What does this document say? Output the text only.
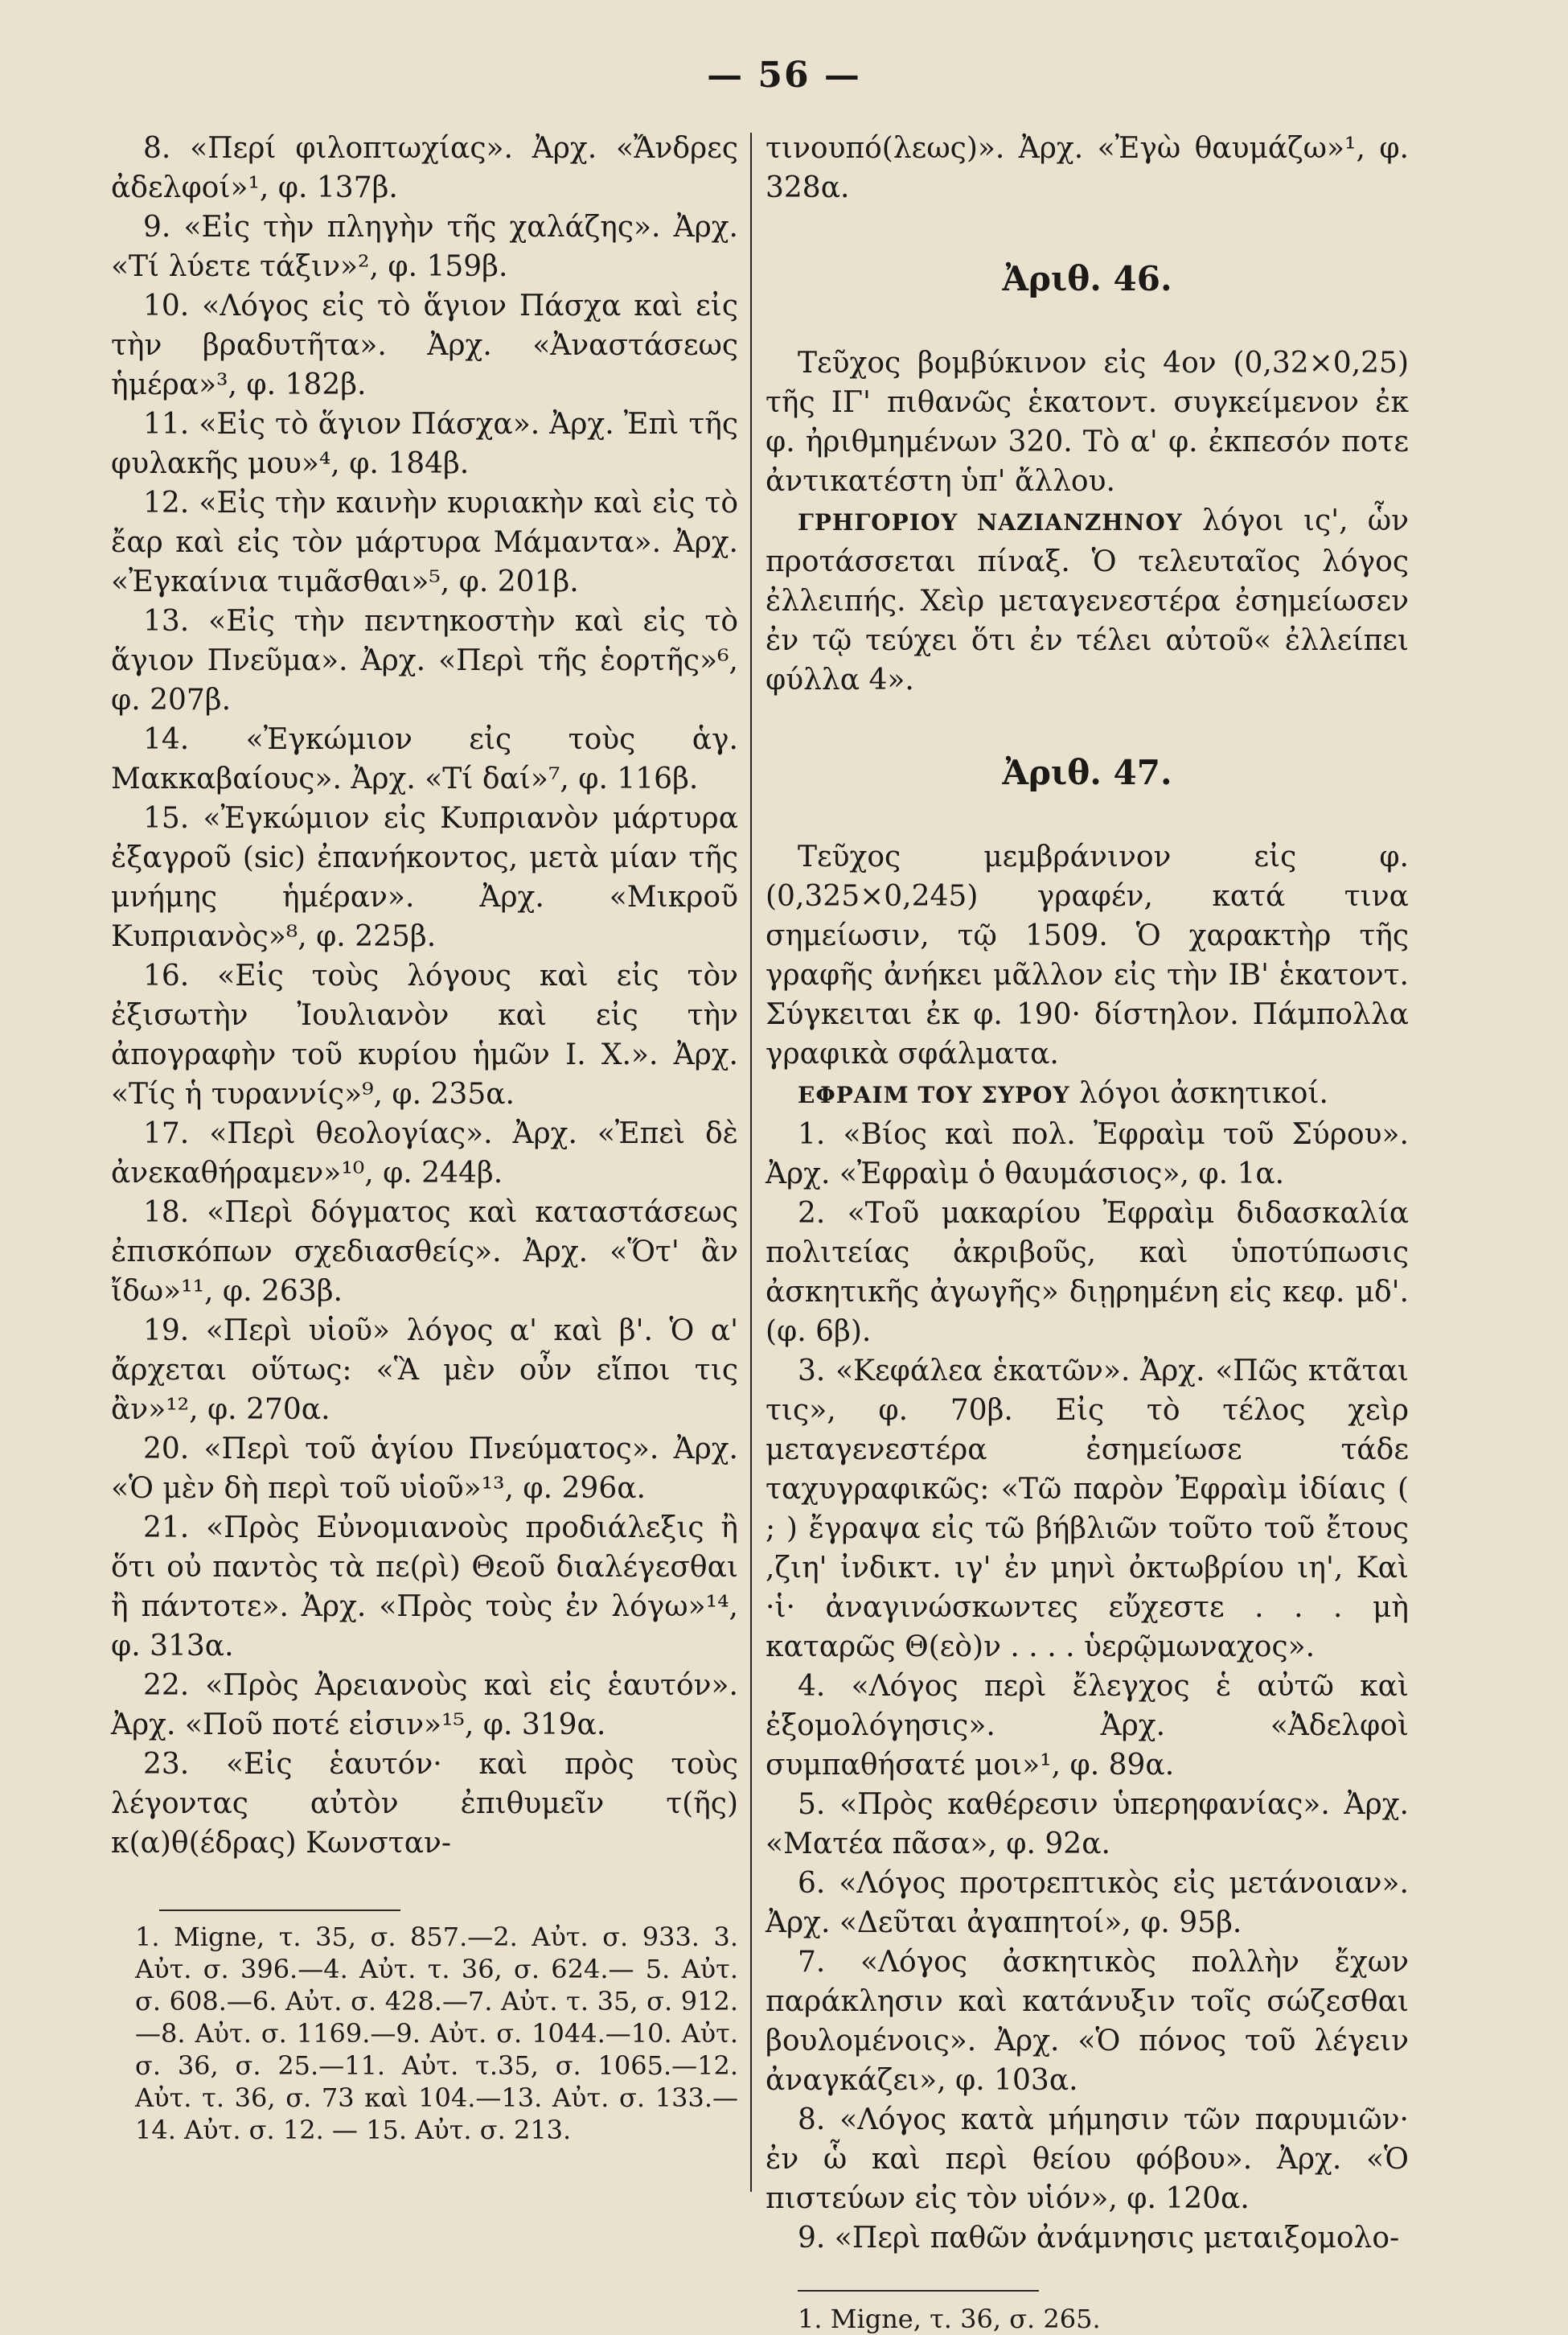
— 56 —

8. «Περί φιλοπτωχίας». Ἀρχ. «Ἄνδρες ἀδελφοί»¹, φ. 137β.

9. «Εἰς τὴν πληγὴν τῆς χαλάζης». Ἀρχ. «Τί λύετε τάξιν»², φ. 159β.

10. «Λόγος εἰς τὸ ἅγιον Πάσχα καὶ εἰς τὴν βραδυτῆτα». Ἀρχ. «Ἀναστάσεως ἡμέρα»³, φ. 182β.

11. «Εἰς τὸ ἅγιον Πάσχα». Ἀρχ. Ἐπὶ τῆς φυλακῆς μου»⁴, φ. 184β.

12. «Εἰς τὴν καινὴν κυριακὴν καὶ εἰς τὸ ἔαρ καὶ εἰς τὸν μάρτυρα Μάμαντα». Ἀρχ. «Ἐγκαίνια τιμᾶσθαι»⁵, φ. 201β.

13. «Εἰς τὴν πεντηκοστὴν καὶ εἰς τὸ ἅγιον Πνεῦμα». Ἀρχ. «Περὶ τῆς ἑορτῆς»⁶, φ. 207β.

14. «Ἐγκώμιον εἰς τοὺς ἁγ. Μακκαβαίους». Ἀρχ. «Τί δαί»⁷, φ. 116β.

15. «Ἐγκώμιον εἰς Κυπριανὸν μάρτυρα ἐξαγροῦ (sic) ἐπανήκοντος, μετὰ μίαν τῆς μνήμης ἡμέραν». Ἀρχ. «Μικροῦ Κυπριανὸς»⁸, φ. 225β.

16. «Εἰς τοὺς λόγους καὶ εἰς τὸν ἐξισωτὴν Ἰουλιανὸν καὶ εἰς τὴν ἀπογραφὴν τοῦ κυρίου ἡμῶν Ι. Χ.». Ἀρχ. «Τίς ἡ τυραννίς»⁹, φ. 235α.

17. «Περὶ θεολογίας». Ἀρχ. «Ἐπεὶ δὲ ἀνεκαθήραμεν»¹⁰, φ. 244β.

18. «Περὶ δόγματος καὶ καταστάσεως ἐπισκόπων σχεδιασθείς». Ἀρχ. «Ὅτ' ἂν ἴδω»¹¹, φ. 263β.

19. «Περὶ υἱοῦ» λόγος α' καὶ β'. Ὁ α' ἄρχεται οὕτως: «Ἃ μὲν οὖν εἴποι τις ἂν»¹², φ. 270α.

20. «Περὶ τοῦ ἁγίου Πνεύματος». Ἀρχ. «Ὁ μὲν δὴ περὶ τοῦ υἱοῦ»¹³, φ. 296α.

21. «Πρὸς Εὐνομιανοὺς προδιάλεξις ἢ ὅτι οὐ παντὸς τὰ πε(ρὶ) Θεοῦ διαλέγεσθαι ἢ πάντοτε». Ἀρχ. «Πρὸς τοὺς ἐν λόγω»¹⁴, φ. 313α.

22. «Πρὸς Ἀρειανοὺς καὶ εἰς ἑαυτόν». Ἀρχ. «Ποῦ ποτέ εἰσιν»¹⁵, φ. 319α.

23. «Εἰς ἑαυτόν· καὶ πρὸς τοὺς λέγοντας αὐτὸν ἐπιθυμεῖν τ(ῆς) κ(α)θ(έδρας) Κωνσταν-

1. Migne, τ. 35, σ. 857.—2. Αὐτ. σ. 933. 3. Αὐτ. σ. 396.—4. Αὐτ. τ. 36, σ. 624.— 5. Αὐτ. σ. 608.—6. Αὐτ. σ. 428.—7. Αὐτ. τ. 35, σ. 912.—8. Αὐτ. σ. 1169.—9. Αὐτ. σ. 1044.—10. Αὐτ. σ. 36, σ. 25.—11. Αὐτ. τ.35, σ. 1065.—12. Αὐτ. τ. 36, σ. 73 καὶ 104.—13. Αὐτ. σ. 133.—14. Αὐτ. σ. 12. — 15. Αὐτ. σ. 213.

τινουπό(λεως)». Ἀρχ. «Ἐγὼ θαυμάζω»¹, φ. 328α.

Ἀριθ. 46.

Τεῦχος βομβύκινον εἰς 4ον (0,32×0,25) τῆς ΙΓ' πιθανῶς ἑκατοντ. συγκείμενον ἐκ φ. ἠριθμημένων 320. Τὸ α' φ. ἐκπεσόν ποτε ἀντικατέστη ὑπ' ἄλλου.

ΓΡΗΓΟΡΙΟΥ ΝΑΖΙΑΝΖΗΝΟΥ λόγοι ις', ὧν προτάσσεται πίναξ. Ὁ τελευταῖος λόγος ἐλλειπής. Χεὶρ μεταγενεστέρα ἐσημείωσεν ἐν τῷ τεύχει ὅτι ἐν τέλει αὐτοῦ« ἐλλείπει φύλλα 4».

Ἀριθ. 47.

Τεῦχος μεμβράνινον εἰς φ. (0,325×0,245) γραφέν, κατά τινα σημείωσιν, τῷ 1509. Ὁ χαρακτὴρ τῆς γραφῆς ἀνήκει μᾶλλον εἰς τὴν ΙΒ' ἑκατοντ. Σύγκειται ἐκ φ. 190· δίστηλον. Πάμπολλα γραφικὰ σφάλματα.

ΕΦΡΑΙΜ ΤΟΥ ΣΥΡΟΥ λόγοι ἀσκητικοί.

1. «Βίος καὶ πολ. Ἐφραὶμ τοῦ Σύρου». Ἀρχ. «Ἐφραὶμ ὁ θαυμάσιος», φ. 1α.

2. «Τοῦ μακαρίου Ἐφραὶμ διδασκαλία πολιτείας ἀκριβοῦς, καὶ ὑποτύπωσις ἀσκητικῆς ἀγωγῆς» διῃρημένη εἰς κεφ. μδ'. (φ. 6β).

3. «Κεφάλεα ἑκατῶν». Ἀρχ. «Πῶς κτᾶται τις», φ. 70β. Εἰς τὸ τέλος χεὶρ μεταγενεστέρα ἐσημείωσε τάδε ταχυγραφικῶς: «Τῶ παρὸν Ἐφραὶμ ἰδίαις ( ; ) ἔγραψα εἰς τῶ βήβλιῶν τοῦτο τοῦ ἔτους ,ζιη' ἰνδικτ. ιγ' ἐν μηνὶ ὀκτωβρίου ιη', Καὶ ·ἱ· ἀναγινώσκωντες εὔχεστε . . . μὴ καταρῶς Θ(εὸ)ν . . . . ὑερῷμωναχος».

4. «Λόγος περὶ ἔλεγχος ἑ αὐτῶ καὶ ἐξομολόγησις». Ἀρχ. «Ἀδελφοὶ συμπαθήσατέ μοι»¹, φ. 89α.

5. «Πρὸς καθέρεσιν ὑπερηφανίας». Ἀρχ. «Ματέα πᾶσα», φ. 92α.

6. «Λόγος προτρεπτικὸς εἰς μετάνοιαν». Ἀρχ. «Δεῦται ἀγαπητοί», φ. 95β.

7. «Λόγος ἀσκητικὸς πολλὴν ἔχων παράκλησιν καὶ κατάνυξιν τοῖς σώζεσθαι βουλομένοις». Ἀρχ. «Ὁ πόνος τοῦ λέγειν ἀναγκάζει», φ. 103α.

8. «Λόγος κατὰ μήμησιν τῶν παρυμιῶν· ἐν ὧ καὶ περὶ θείου φόβου». Ἀρχ. «Ὁ πιστεύων εἰς τὸν υἱόν», φ. 120α.

9. «Περὶ παθῶν ἀνάμνησις μεταιξομολο-

1. Migne, τ. 36, σ. 265.
